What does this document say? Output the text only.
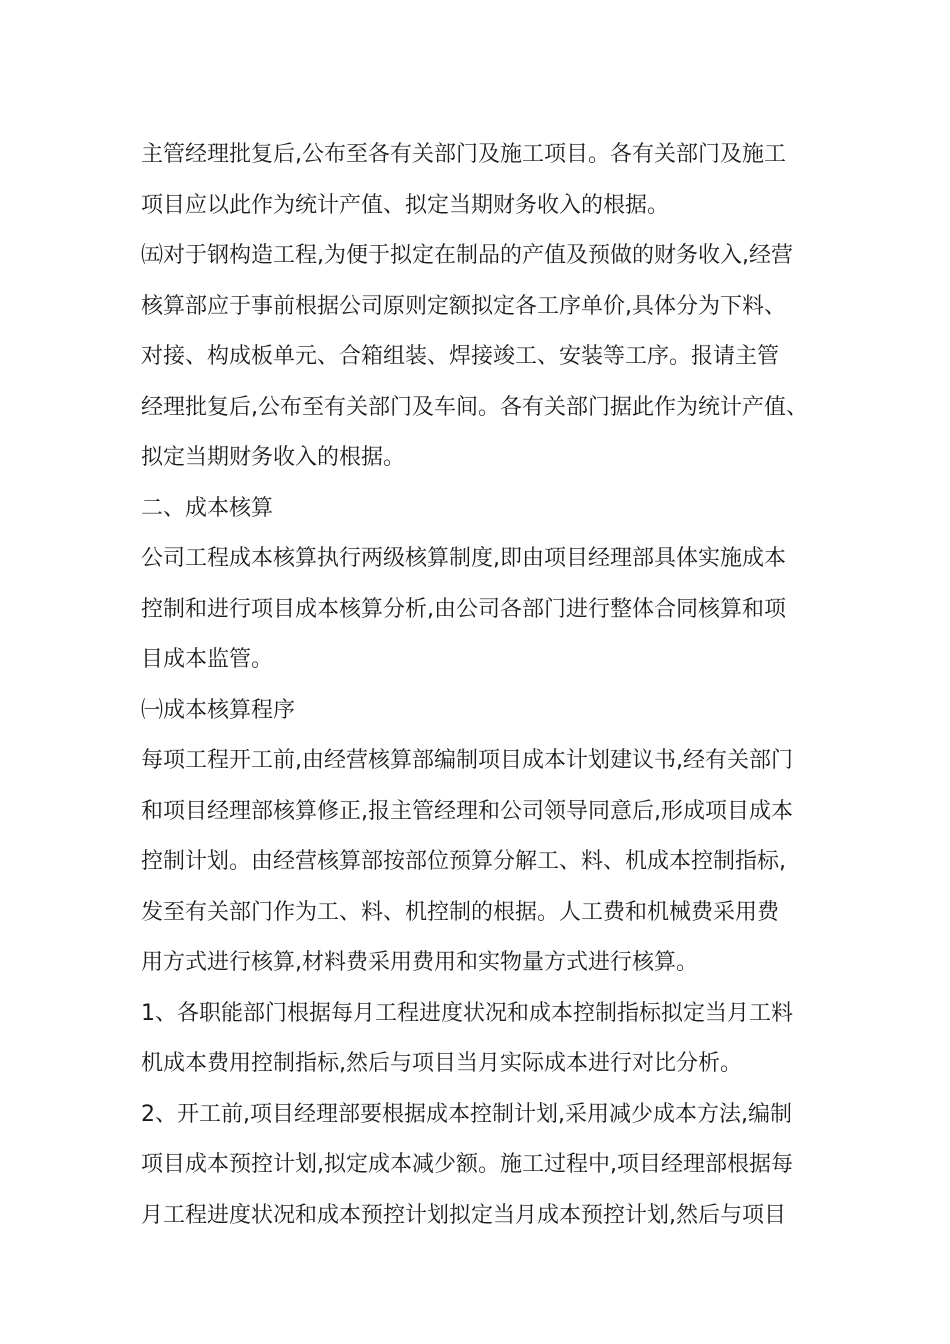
主管经理批复后,公布至各有关部门及施工项目。各有关部门及施工
项目应以此作为统计产值、拟定当期财务收入的根据。
㈤对于钢构造工程,为便于拟定在制品的产值及预做的财务收入,经营
核算部应于事前根据公司原则定额拟定各工序单价,具体分为下料、
对接、构成板单元、合箱组装、焊接竣工、安装等工序。报请主管
经理批复后,公布至有关部门及车间。各有关部门据此作为统计产值、
拟定当期财务收入的根据。
二、成本核算
公司工程成本核算执行两级核算制度,即由项目经理部具体实施成本
控制和进行项目成本核算分析,由公司各部门进行整体合同核算和项
目成本监管。
㈠成本核算程序
每项工程开工前,由经营核算部编制项目成本计划建议书,经有关部门
和项目经理部核算修正,报主管经理和公司领导同意后,形成项目成本
控制计划。由经营核算部按部位预算分解工、料、机成本控制指标,
发至有关部门作为工、料、机控制的根据。人工费和机械费采用费
用方式进行核算,材料费采用费用和实物量方式进行核算。
1、各职能部门根据每月工程进度状况和成本控制指标拟定当月工料
机成本费用控制指标,然后与项目当月实际成本进行对比分析。
2、开工前,项目经理部要根据成本控制计划,采用减少成本方法,编制
项目成本预控计划,拟定成本减少额。施工过程中,项目经理部根据每
月工程进度状况和成本预控计划拟定当月成本预控计划,然后与项目
